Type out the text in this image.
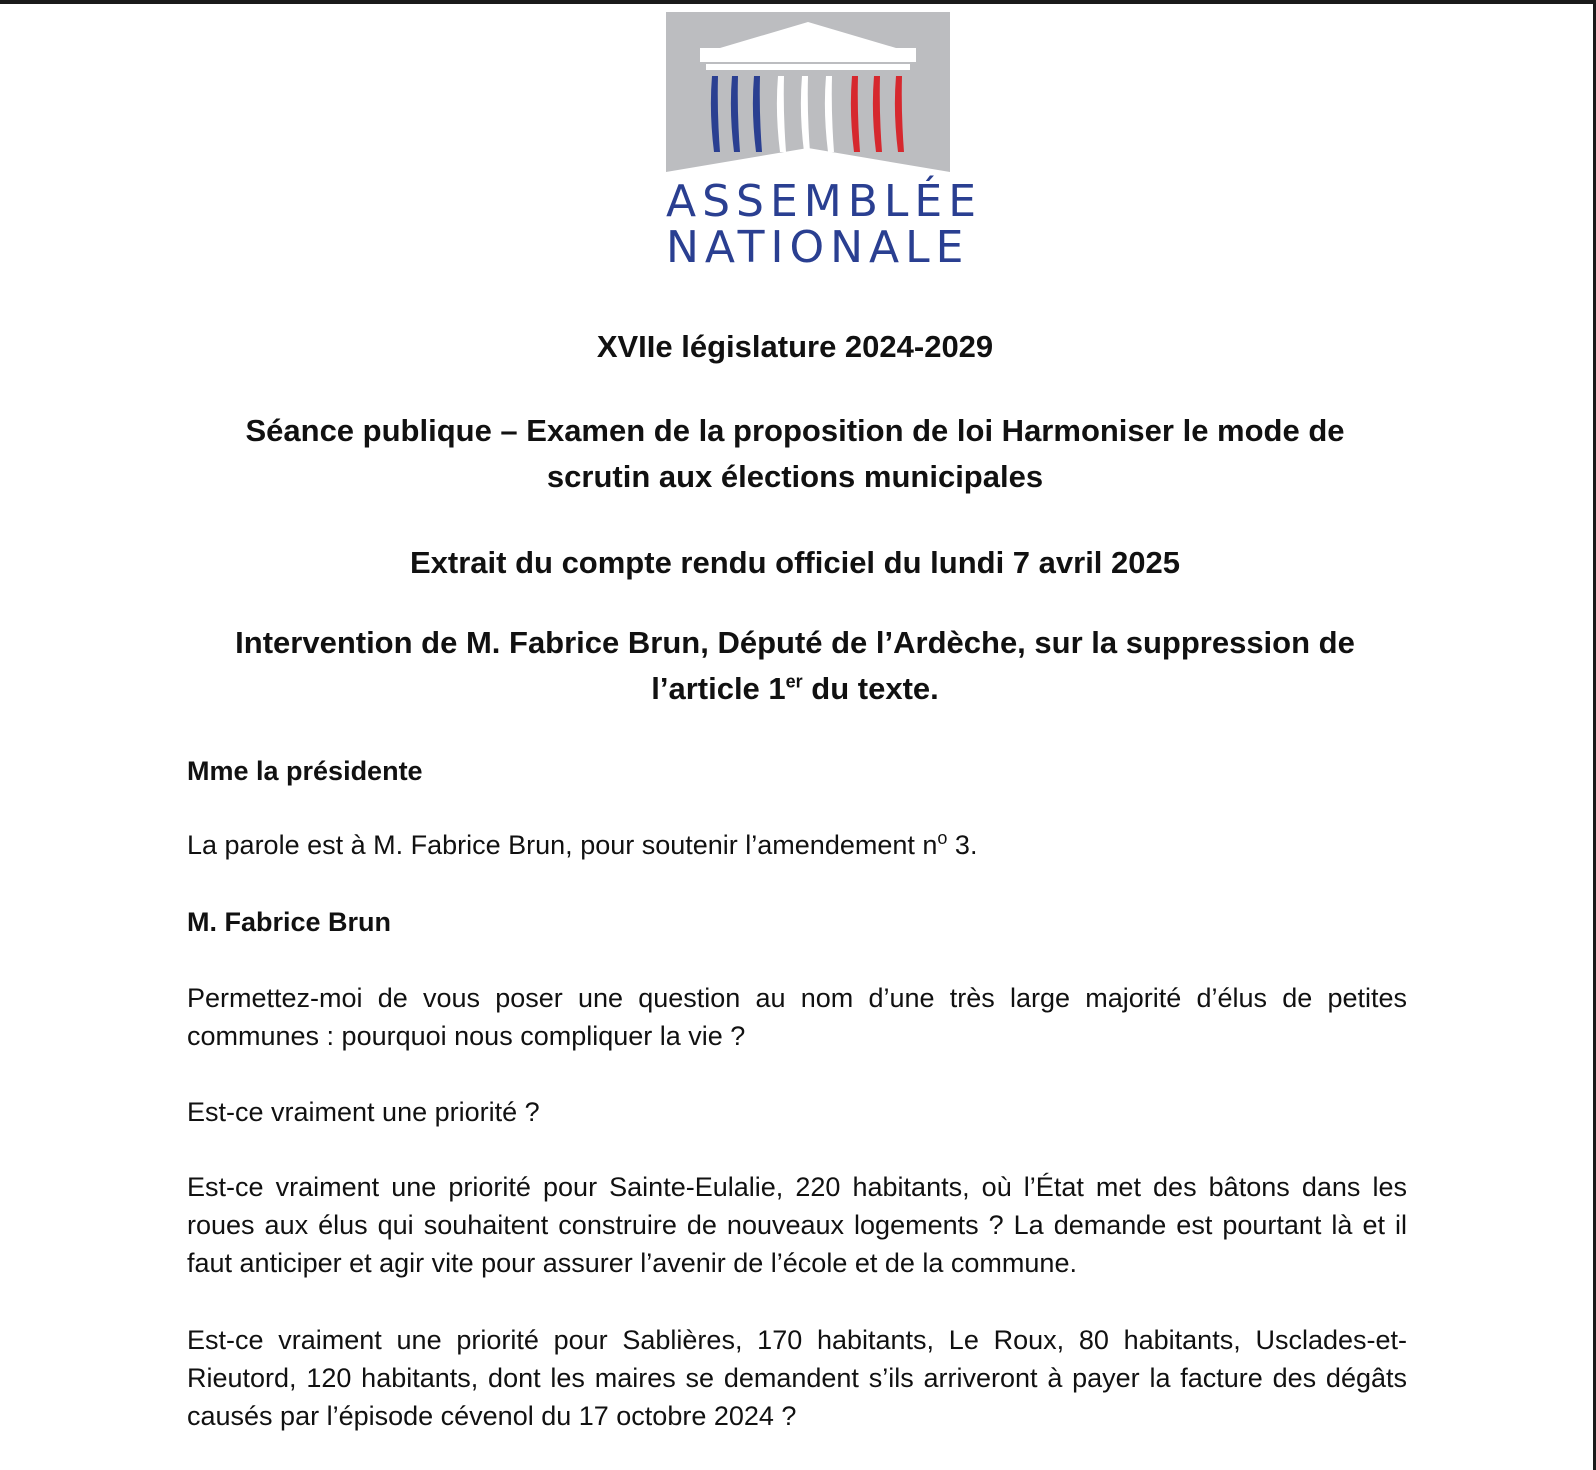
ASSEMBLÉE
NATIONALE
XVIIe législature 2024-2029
Séance publique – Examen de la proposition de loi Harmoniser le mode de
scrutin aux élections municipales
Extrait du compte rendu officiel du lundi 7 avril 2025
Intervention de M. Fabrice Brun, Député de l’Ardèche, sur la suppression de
l’article 1er du texte.

Mme la présidente

La parole est à M. Fabrice Brun, pour soutenir l’amendement $n^o$ 3.

M. Fabrice Brun

Permettez-moi de vous poser une question au nom d’une très large majorité d’élus de petites communes : pourquoi nous compliquer la vie ?

Est-ce vraiment une priorité ?

Est-ce vraiment une priorité pour Sainte-Eulalie, 220 habitants, où l’État met des bâtons dans les roues aux élus qui souhaitent construire de nouveaux logements ? La demande est pourtant là et il faut anticiper et agir vite pour assurer l’avenir de l’école et de la commune.

Est-ce vraiment une priorité pour Sablières, 170 habitants, Le Roux, 80 habitants, Usclades-et-Rieutord, 120 habitants, dont les maires se demandent s’ils arriveront à payer la facture des dégâts causés par l’épisode cévenol du 17 octobre 2024 ?
